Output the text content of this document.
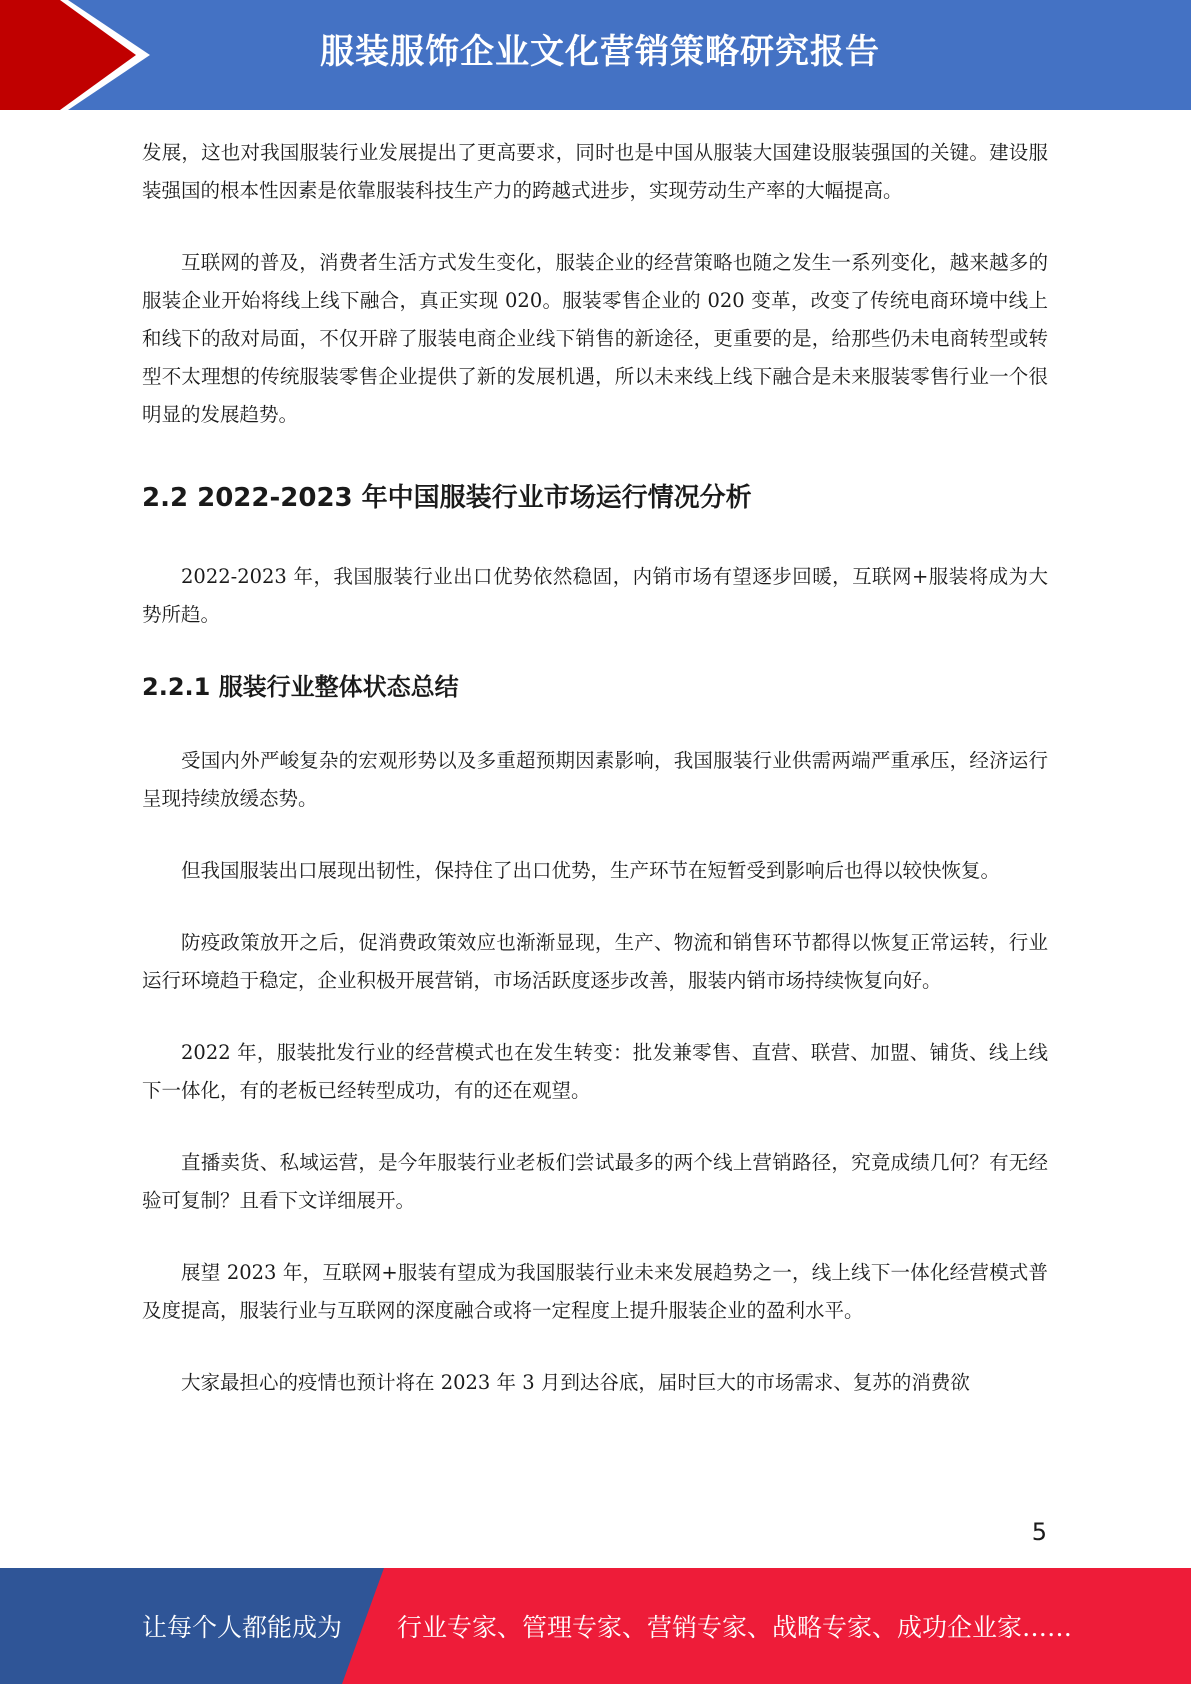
服装服饰企业文化营销策略研究报告

发展，这也对我国服装行业发展提出了更高要求，同时也是中国从服装大国建设服装强国的关键。建设服装强国的根本性因素是依靠服装科技生产力的跨越式进步，实现劳动生产率的大幅提高。

互联网的普及，消费者生活方式发生变化，服装企业的经营策略也随之发生一系列变化，越来越多的服装企业开始将线上线下融合，真正实现 020。服装零售企业的 020 变革，改变了传统电商环境中线上和线下的敌对局面，不仅开辟了服装电商企业线下销售的新途径，更重要的是，给那些仍未电商转型或转型不太理想的传统服装零售企业提供了新的发展机遇，所以未来线上线下融合是未来服装零售行业一个很明显的发展趋势。

2.2 2022-2023 年中国服装行业市场运行情况分析

2022-2023 年，我国服装行业出口优势依然稳固，内销市场有望逐步回暖，互联网+服装将成为大势所趋。

2.2.1 服装行业整体状态总结

受国内外严峻复杂的宏观形势以及多重超预期因素影响，我国服装行业供需两端严重承压，经济运行呈现持续放缓态势。

但我国服装出口展现出韧性，保持住了出口优势，生产环节在短暂受到影响后也得以较快恢复。

防疫政策放开之后，促消费政策效应也渐渐显现，生产、物流和销售环节都得以恢复正常运转，行业运行环境趋于稳定，企业积极开展营销，市场活跃度逐步改善，服装内销市场持续恢复向好。

2022 年，服装批发行业的经营模式也在发生转变：批发兼零售、直营、联营、加盟、铺货、线上线下一体化，有的老板已经转型成功，有的还在观望。

直播卖货、私域运营，是今年服装行业老板们尝试最多的两个线上营销路径，究竟成绩几何？有无经验可复制？且看下文详细展开。

展望 2023 年，互联网+服装有望成为我国服装行业未来发展趋势之一，线上线下一体化经营模式普及度提高，服装行业与互联网的深度融合或将一定程度上提升服装企业的盈利水平。

大家最担心的疫情也预计将在 2023 年 3 月到达谷底，届时巨大的市场需求、复苏的消费欲

5
让每个人都能成为 行业专家、管理专家、营销专家、战略专家、成功企业家……
